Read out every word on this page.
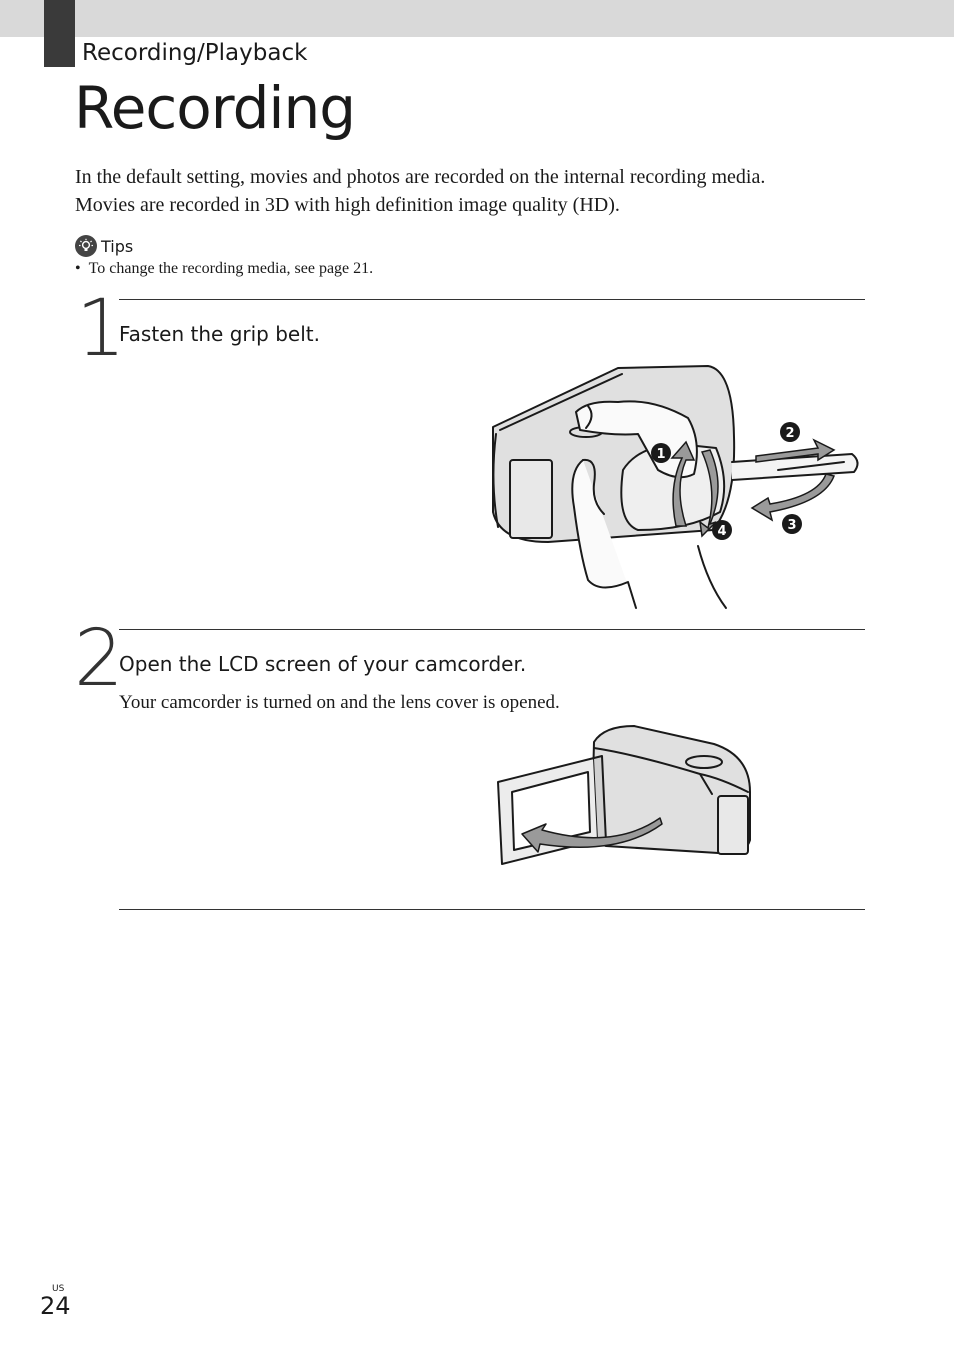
Recording/Playback
Recording

In the default setting, movies and photos are recorded on the internal recording media.

Movies are recorded in 3D with high definition image quality (HD).

Tips
• To change the recording media, see page 21.
1
Fasten the grip belt.
1
2
3
4
2
Open the LCD screen of your camcorder.
Your camcorder is turned on and the lens cover is opened.
US
24
